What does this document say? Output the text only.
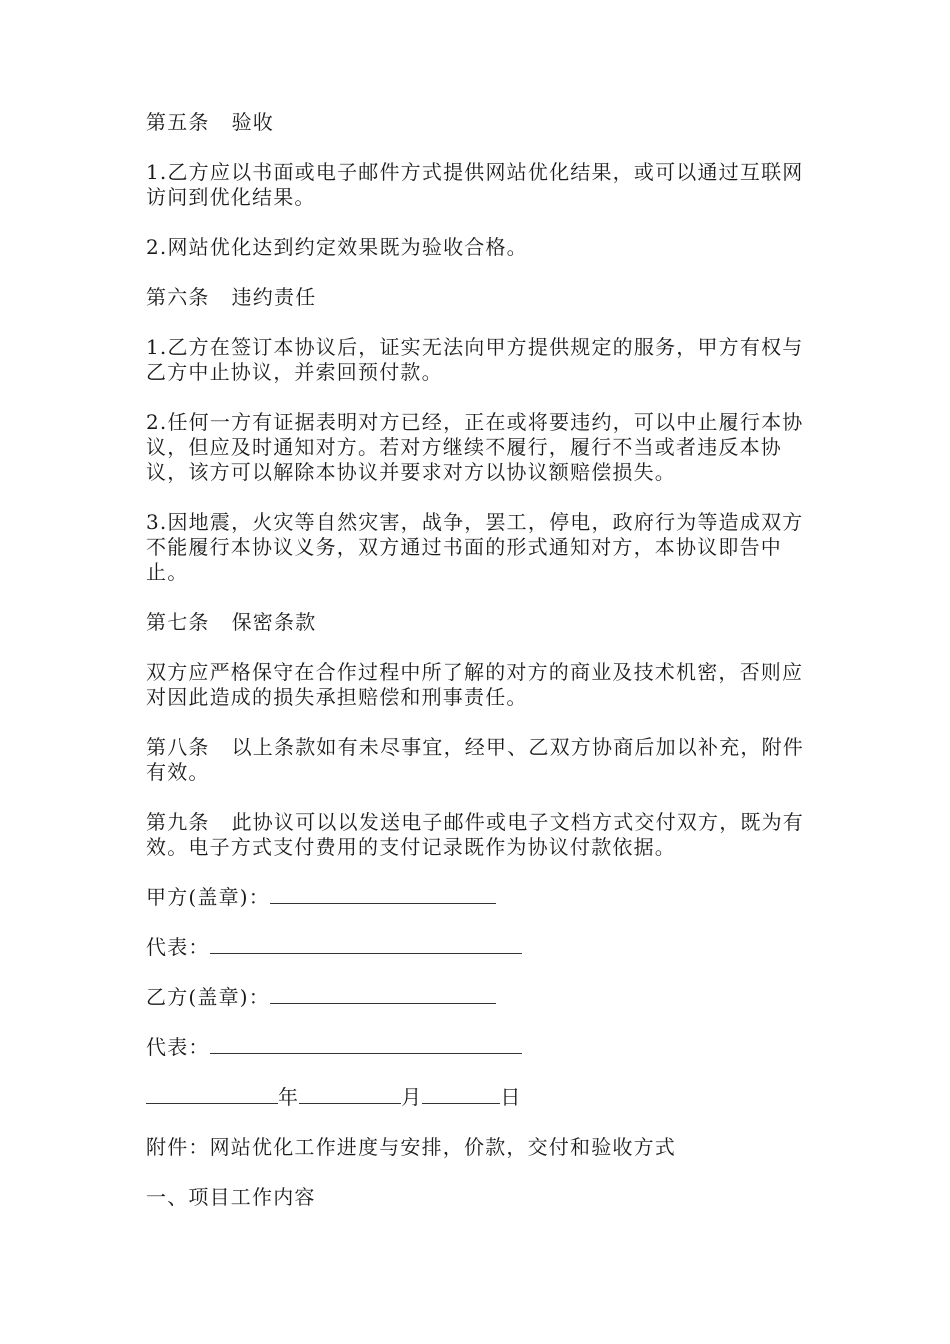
第五条 验收

1.乙方应以书面或电子邮件方式提供网站优化结果，或可以通过互联网访问到优化结果。

2.网站优化达到约定效果既为验收合格。

第六条 违约责任

1.乙方在签订本协议后，证实无法向甲方提供规定的服务，甲方有权与乙方中止协议，并索回预付款。

2.任何一方有证据表明对方已经，正在或将要违约，可以中止履行本协议，但应及时通知对方。若对方继续不履行，履行不当或者违反本协议，该方可以解除本协议并要求对方以协议额赔偿损失。

3.因地震，火灾等自然灾害，战争，罢工，停电，政府行为等造成双方不能履行本协议义务，双方通过书面的形式通知对方，本协议即告中止。

第七条 保密条款

双方应严格保守在合作过程中所了解的对方的商业及技术机密，否则应对因此造成的损失承担赔偿和刑事责任。

第八条 以上条款如有未尽事宜，经甲、乙双方协商后加以补充，附件有效。

第九条 此协议可以以发送电子邮件或电子文档方式交付双方，既为有效。电子方式支付费用的支付记录既作为协议付款依据。

甲方(盖章)：
代表：
乙方(盖章)：
代表：
年	月	日

附件：网站优化工作进度与安排，价款，交付和验收方式

一、项目工作内容
